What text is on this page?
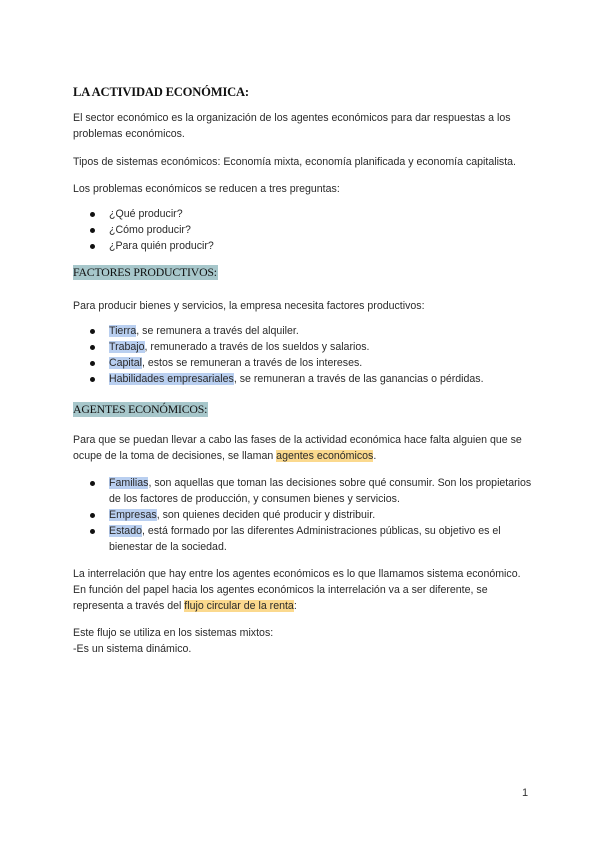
LA ACTIVIDAD ECONÓMICA:
El sector económico es la organización de los agentes económicos para dar respuestas a los problemas económicos.
Tipos de sistemas económicos: Economía mixta, economía planificada y economía capitalista.
Los problemas económicos se reducen a tres preguntas:
¿Qué producir?
¿Cómo producir?
¿Para quién producir?
FACTORES PRODUCTIVOS:
Para producir bienes y servicios, la empresa necesita factores productivos:
Tierra, se remunera a través del alquiler.
Trabajo, remunerado a través de los sueldos y salarios.
Capital, estos se remuneran a través de los intereses.
Habilidades empresariales, se remuneran a través de las ganancias o pérdidas.
AGENTES ECONÓMICOS:
Para que se puedan llevar a cabo las fases de la actividad económica hace falta alguien que se ocupe de la toma de decisiones, se llaman agentes económicos.
Familias, son aquellas que toman las decisiones sobre qué consumir. Son los propietarios de los factores de producción, y consumen bienes y servicios.
Empresas, son quienes deciden qué producir y distribuir.
Estado, está formado por las diferentes Administraciones públicas, su objetivo es el bienestar de la sociedad.
La interrelación que hay entre los agentes económicos es lo que llamamos sistema económico. En función del papel hacia los agentes económicos la interrelación va a ser diferente, se representa a través del flujo circular de la renta:
Este flujo se utiliza en los sistemas mixtos:
-Es un sistema dinámico.
1
